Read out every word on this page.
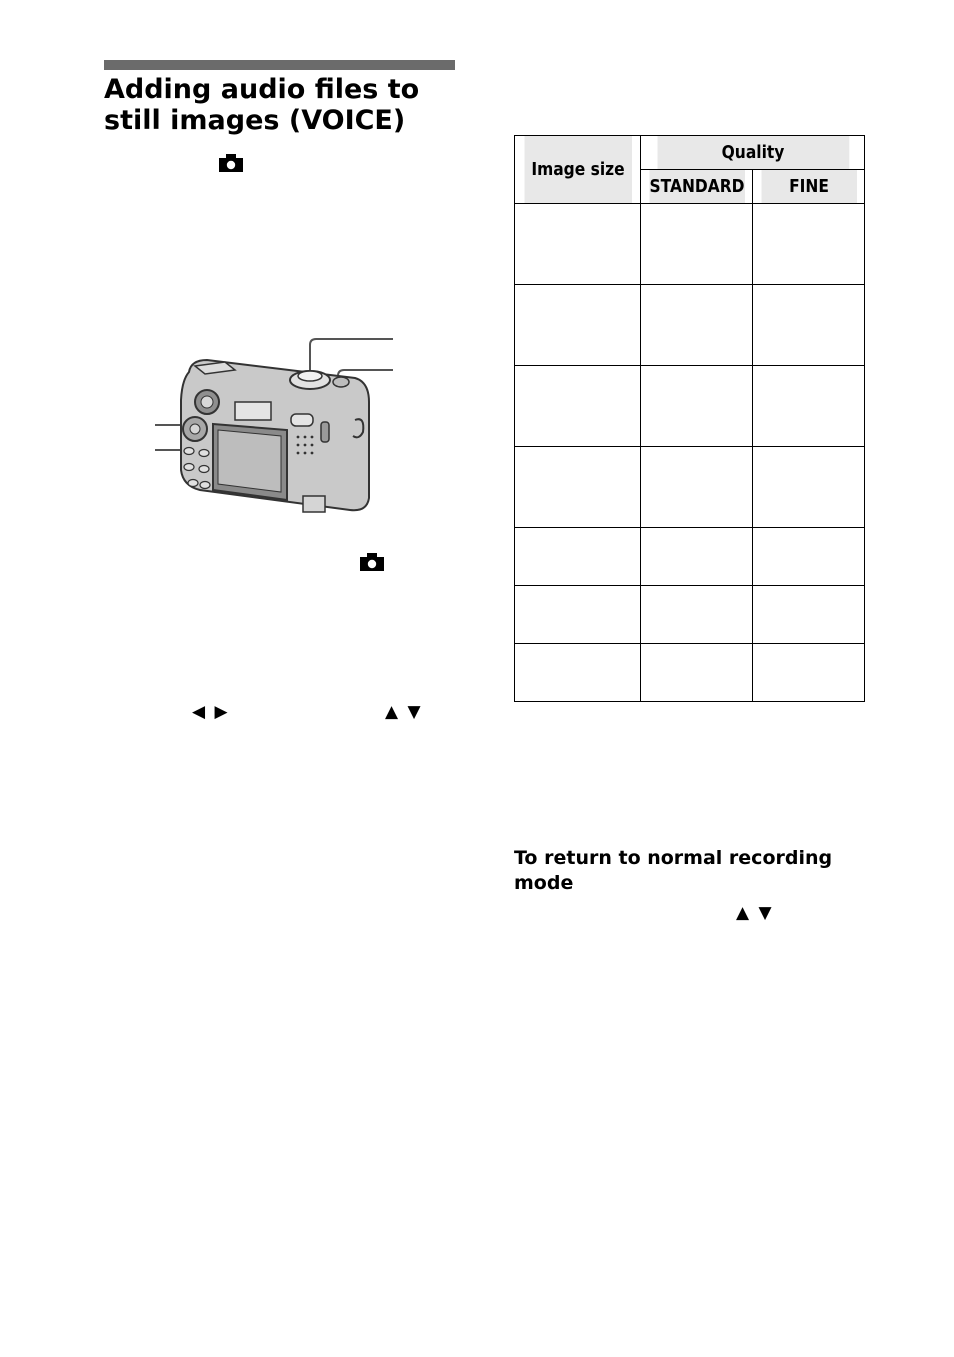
Adding audio files to still images (VOICE)
◀ ▶	▲ ▼
Image size	Quality	
	STANDARD	FINE

To return to normal recording mode
▲ ▼
